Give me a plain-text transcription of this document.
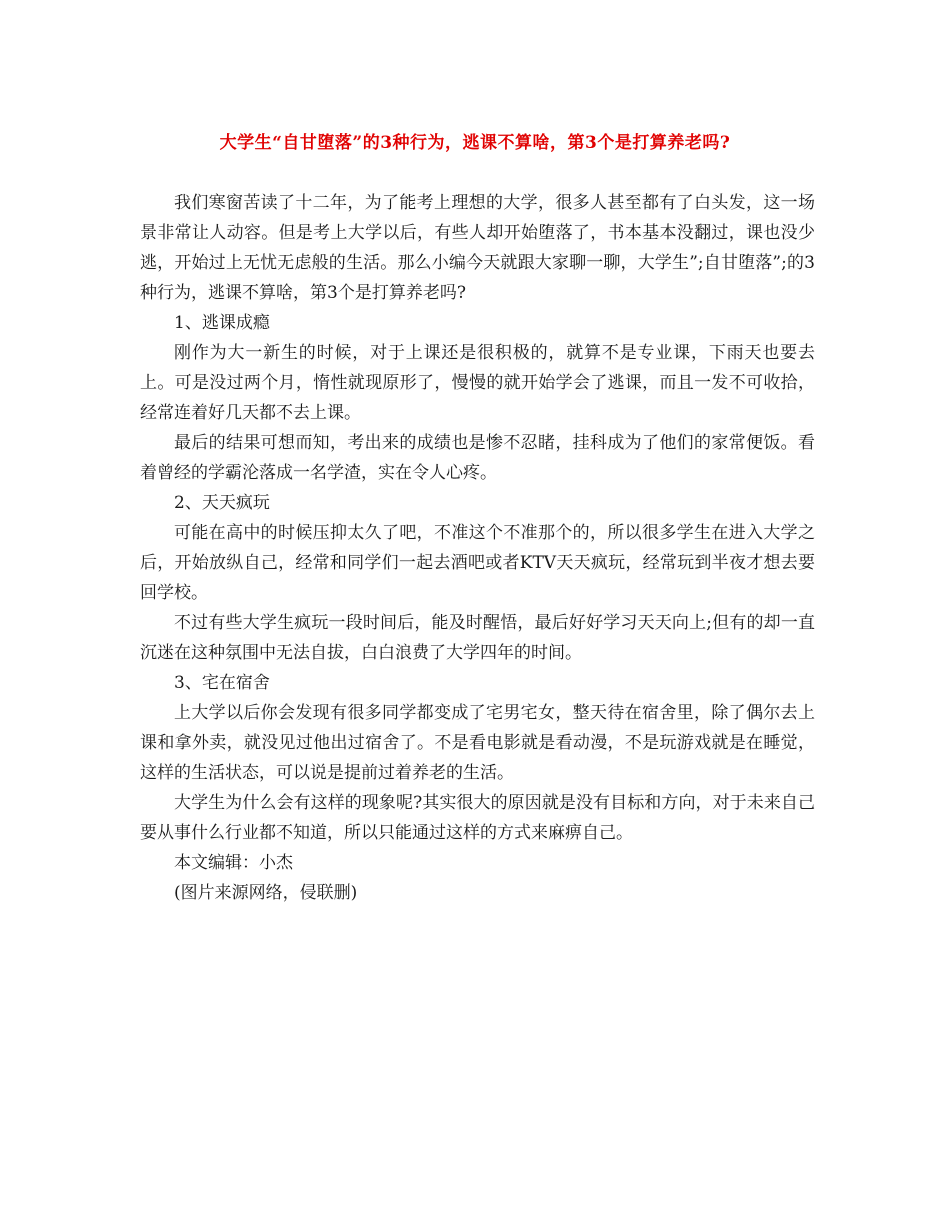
大学生“自甘堕落”的3种行为，逃课不算啥，第3个是打算养老吗?

我们寒窗苦读了十二年，为了能考上理想的大学，很多人甚至都有了白头发，这一场景非常让人动容。但是考上大学以后，有些人却开始堕落了，书本基本没翻过，课也没少逃，开始过上无忧无虑般的生活。那么小编今天就跟大家聊一聊，大学生”;自甘堕落”;的3种行为，逃课不算啥，第3个是打算养老吗?

1、逃课成瘾

刚作为大一新生的时候，对于上课还是很积极的，就算不是专业课，下雨天也要去上。可是没过两个月，惰性就现原形了，慢慢的就开始学会了逃课，而且一发不可收拾，经常连着好几天都不去上课。

最后的结果可想而知，考出来的成绩也是惨不忍睹，挂科成为了他们的家常便饭。看着曾经的学霸沦落成一名学渣，实在令人心疼。

2、天天疯玩

可能在高中的时候压抑太久了吧，不准这个不准那个的，所以很多学生在进入大学之后，开始放纵自己，经常和同学们一起去酒吧或者KTV天天疯玩，经常玩到半夜才想去要回学校。

不过有些大学生疯玩一段时间后，能及时醒悟，最后好好学习天天向上;但有的却一直沉迷在这种氛围中无法自拔，白白浪费了大学四年的时间。

3、宅在宿舍

上大学以后你会发现有很多同学都变成了宅男宅女，整天待在宿舍里，除了偶尔去上课和拿外卖，就没见过他出过宿舍了。不是看电影就是看动漫，不是玩游戏就是在睡觉，这样的生活状态，可以说是提前过着养老的生活。

大学生为什么会有这样的现象呢?其实很大的原因就是没有目标和方向，对于未来自己要从事什么行业都不知道，所以只能通过这样的方式来麻痹自己。

本文编辑：小杰

(图片来源网络，侵联删)
